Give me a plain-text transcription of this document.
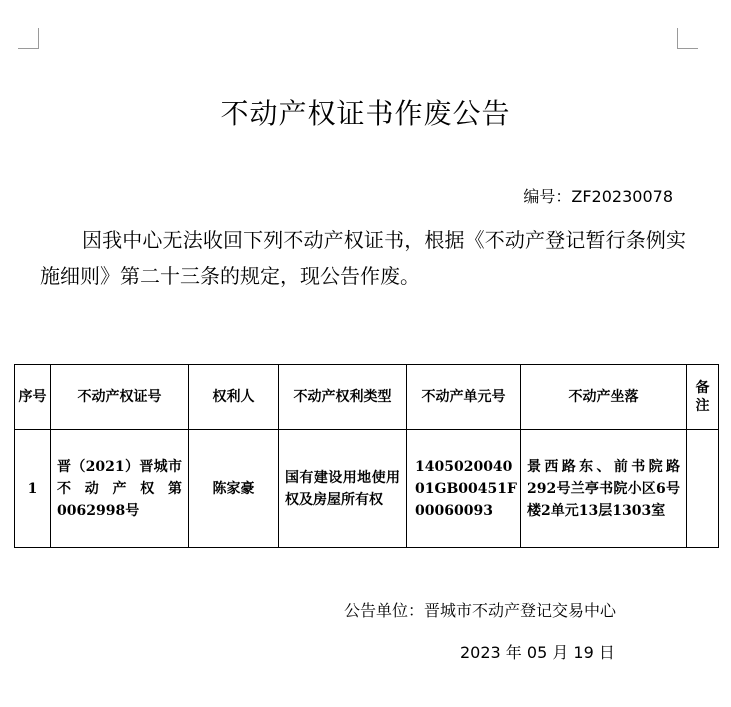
不动产权证书作废公告
编号：ZF20230078
因我中心无法收回下列不动产权证书，根据《不动产登记暂行条例实施细则》第二十三条的规定，现公告作废。
序号	不动产权证号	权利人	不动产权利类型	不动产单元号	不动产坐落	备注
1	晋（2021）晋城市不动产权第0062998号	陈家豪	国有建设用地使用权及房屋所有权	140502004001GB00451F00060093	景西路东、前书院路292号兰亭书院小区6号楼2单元13层1303室	
公告单位：晋城市不动产登记交易中心
2023 年 05 月 19 日
